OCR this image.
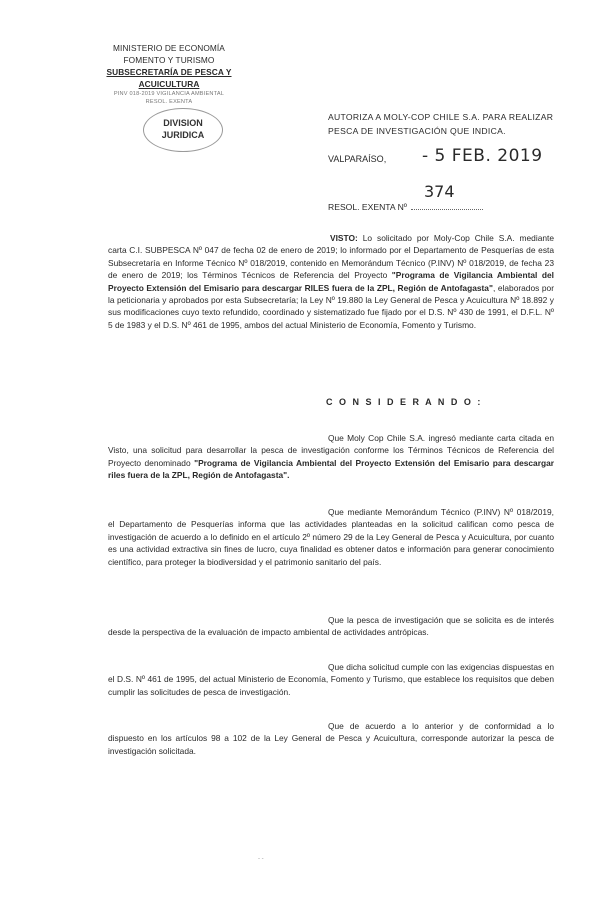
MINISTERIO DE ECONOMÍA
FOMENTO Y TURISMO
SUBSECRETARÍA DE PESCA Y ACUICULTURA
PINV 018-2019 VIGILANCIA AMBIENTAL
RESOL. EXENTA
DIVISION
JURIDICA
AUTORIZA A MOLY-COP CHILE S.A. PARA REALIZAR PESCA DE INVESTIGACIÓN QUE INDICA.
VALPARAÍSO, - 5 FEB. 2019
374
RESOL. EXENTA Nº
VISTO: Lo solicitado por Moly-Cop Chile S.A. mediante carta C.I. SUBPESCA Nº 047 de fecha 02 de enero de 2019; lo informado por el Departamento de Pesquerías de esta Subsecretaría en Informe Técnico Nº 018/2019, contenido en Memorándum Técnico (P.INV) Nº 018/2019, de fecha 23 de enero de 2019; los Términos Técnicos de Referencia del Proyecto "Programa de Vigilancia Ambiental del Proyecto Extensión del Emisario para descargar RILES fuera de la ZPL, Región de Antofagasta", elaborados por la peticionaria y aprobados por esta Subsecretaría; la Ley Nº 19.880 la Ley General de Pesca y Acuicultura Nº 18.892 y sus modificaciones cuyo texto refundido, coordinado y sistematizado fue fijado por el D.S. Nº 430 de 1991, el D.F.L. Nº 5 de 1983 y el D.S. Nº 461 de 1995, ambos del actual Ministerio de Economía, Fomento y Turismo.
C O N S I D E R A N D O :
Que Moly Cop Chile S.A. ingresó mediante carta citada en Visto, una solicitud para desarrollar la pesca de investigación conforme los Términos Técnicos de Referencia del Proyecto denominado "Programa de Vigilancia Ambiental del Proyecto Extensión del Emisario para descargar riles fuera de la ZPL, Región de Antofagasta".
Que mediante Memorándum Técnico (P.INV) Nº 018/2019, el Departamento de Pesquerías informa que las actividades planteadas en la solicitud califican como pesca de investigación de acuerdo a lo definido en el artículo 2º número 29 de la Ley General de Pesca y Acuicultura, por cuanto es una actividad extractiva sin fines de lucro, cuya finalidad es obtener datos e información para generar conocimiento científico, para proteger la biodiversidad y el patrimonio sanitario del país.
Que la pesca de investigación que se solicita es de interés desde la perspectiva de la evaluación de impacto ambiental de actividades antrópicas.
Que dicha solicitud cumple con las exigencias dispuestas en el D.S. Nº 461 de 1995, del actual Ministerio de Economía, Fomento y Turismo, que establece los requisitos que deben cumplir las solicitudes de pesca de investigación.
Que de acuerdo a lo anterior y de conformidad a lo dispuesto en los artículos 98 a 102 de la Ley General de Pesca y Acuicultura, corresponde autorizar la pesca de investigación solicitada.
- -
